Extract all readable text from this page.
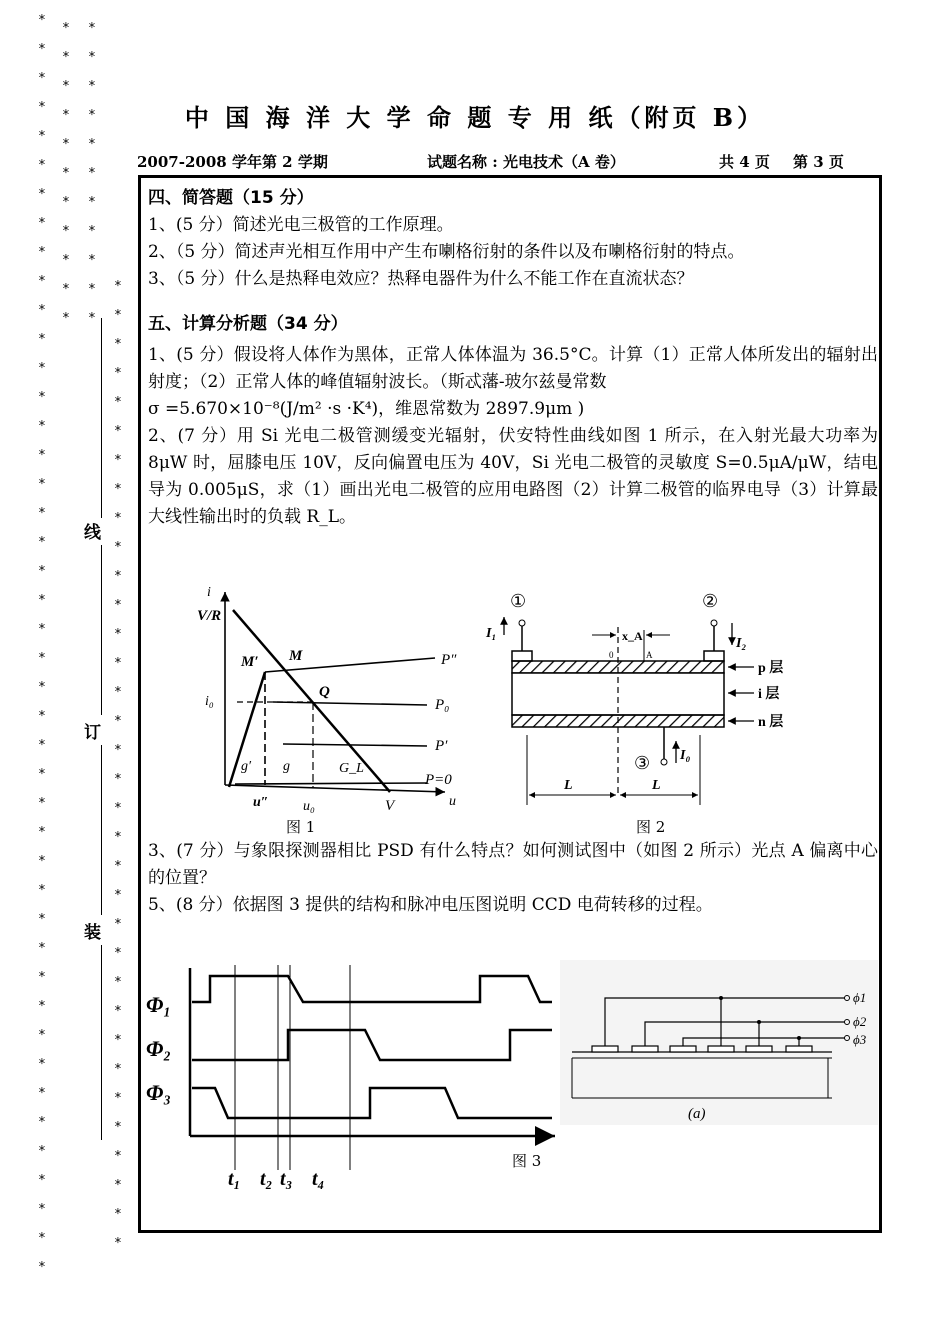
*
*
*
*
*
*
*
*
*
*
*
*
*
*
*
*
*
*
*
*
*
*
*
*
*
*
*
*
*
*
*
*
*
*
*
*
*
*
*
*
*
*
*
*
*
*
*
*
*
*
*
*
*
*
*
*
*
*
*
*
*
*
*
*
*
*
*
*
*
*
*
*
*
*
*
*
*
*
*
*
*
*
*
*
*
*
*
*
*
*
*
*
*
*
*
*
*
*
*
*
线
订
装
中 国 海 洋 大 学 命 题 专 用 纸（附页 B）
2007-2008 学年第 2 学期	试题名称 : 光电技术（A 卷）	共 4 页 第 3 页

四、简答题（15 分）

1、(5 分）简述光电三极管的工作原理。

2、（5 分）简述声光相互作用中产生布喇格衍射的条件以及布喇格衍射的特点。

3、（5 分）什么是热释电效应？热释电器件为什么不能工作在直流状态？

五、计算分析题（34 分）

1、(5 分）假设将人体作为黑体，正常人体体温为 36.5°C。计算（1）正常人体所发出的辐射出射度；（2）正常人体的峰值辐射波长。（斯忒藩-玻尔兹曼常数

σ =5.670×10⁻⁸(J/m² ·s ·K⁴)，维恩常数为 2897.9μm )

2、(7 分）用 Si 光电二极管测缓变光辐射，伏安特性曲线如图 1 所示，在入射光最大功率为 8μW 时，屈膝电压 10V，反向偏置电压为 40V，Si 光电二极管的灵敏度 S=0.5μA/μW，结电导为 0.005μS，求（1）画出光电二极管的应用电路图（2）计算二极管的临界电导（3）计算最大线性输出时的负载 R_L。

i
V/R
M′ M	P″
i₀
Q
P₀
P′
g′ g	G_L
P=0
u″ u₀	V	u
图 1
①	②
I₁
I₂
x_A
0	A
p 层
i 层
n 层
③ I₀
L	L
图 2

3、(7 分）与象限探测器相比 PSD 有什么特点？如何测试图中（如图 2 所示）光点 A 偏离中心的位置？

5、(8 分）依据图 3 提供的结构和脉冲电压图说明 CCD 电荷转移的过程。

Φ₁
Φ₂
Φ₃
t₁ t₂ t₃ t₄
图 3
ϕ1
ϕ2
ϕ3
(a)
